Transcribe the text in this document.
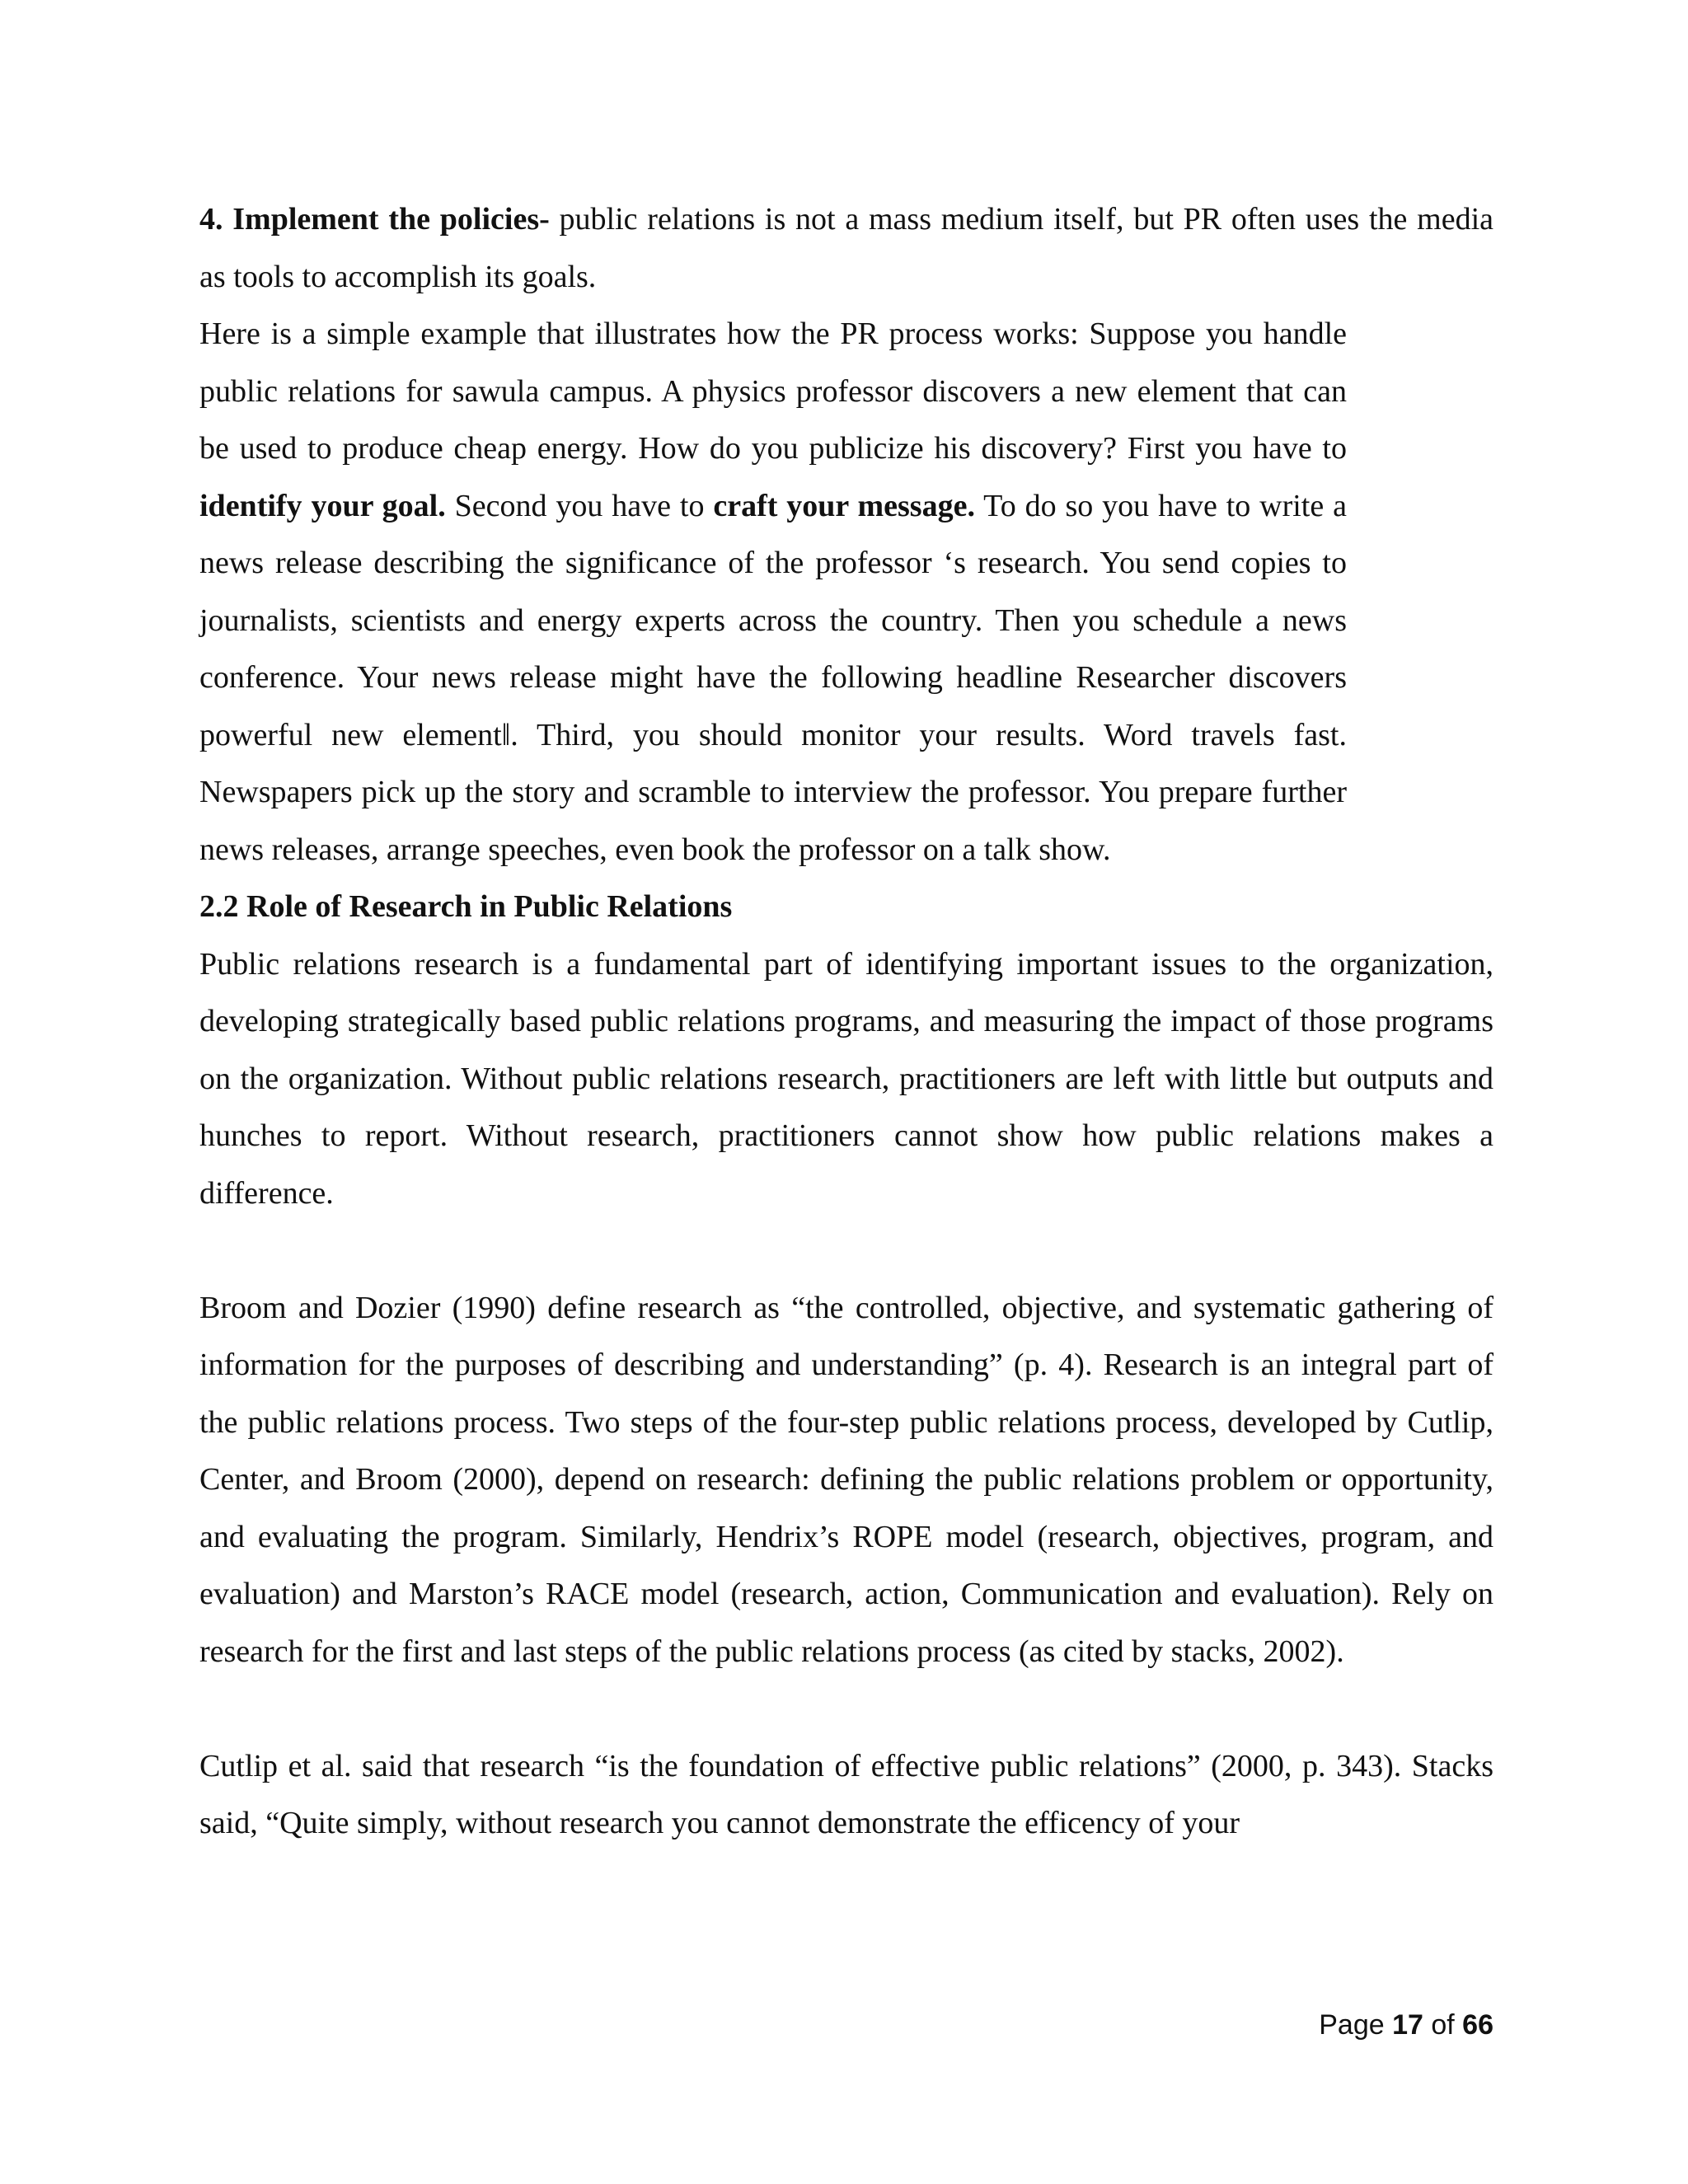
4. Implement the policies- public relations is not a mass medium itself, but PR often uses the media as tools to accomplish its goals.

Here is a simple example that illustrates how the PR process works: Suppose you handle public relations for sawula campus. A physics professor discovers a new element that can be used to produce cheap energy. How do you publicize his discovery? First you have to identify your goal. Second you have to craft your message. To do so you have to write a news release describing the significance of the professor ‘s research. You send copies to journalists, scientists and energy experts across the country. Then you schedule a news conference. Your news release might have the following headline Researcher discovers powerful new element‖. Third, you should monitor your results. Word travels fast. Newspapers pick up the story and scramble to interview the professor. You prepare further news releases, arrange speeches, even book the professor on a talk show.

2.2 Role of Research in Public Relations

Public relations research is a fundamental part of identifying important issues to the organization, developing strategically based public relations programs, and measuring the impact of those programs on the organization. Without public relations research, practitioners are left with little but outputs and hunches to report. Without research, practitioners cannot show how public relations makes a difference.

Broom and Dozier (1990) define research as “the controlled, objective, and systematic gathering of information for the purposes of describing and understanding” (p. 4). Research is an integral part of the public relations process. Two steps of the four-step public relations process, developed by Cutlip, Center, and Broom (2000), depend on research: defining the public relations problem or opportunity, and evaluating the program. Similarly, Hendrix’s ROPE model (research, objectives, program, and evaluation) and Marston’s RACE model (research, action, Communication and evaluation). Rely on research for the first and last steps of the public relations process (as cited by stacks, 2002).

Cutlip et al. said that research “is the foundation of effective public relations” (2000, p. 343). Stacks said, “Quite simply, without research you cannot demonstrate the efficency of your

Page 17 of 66
